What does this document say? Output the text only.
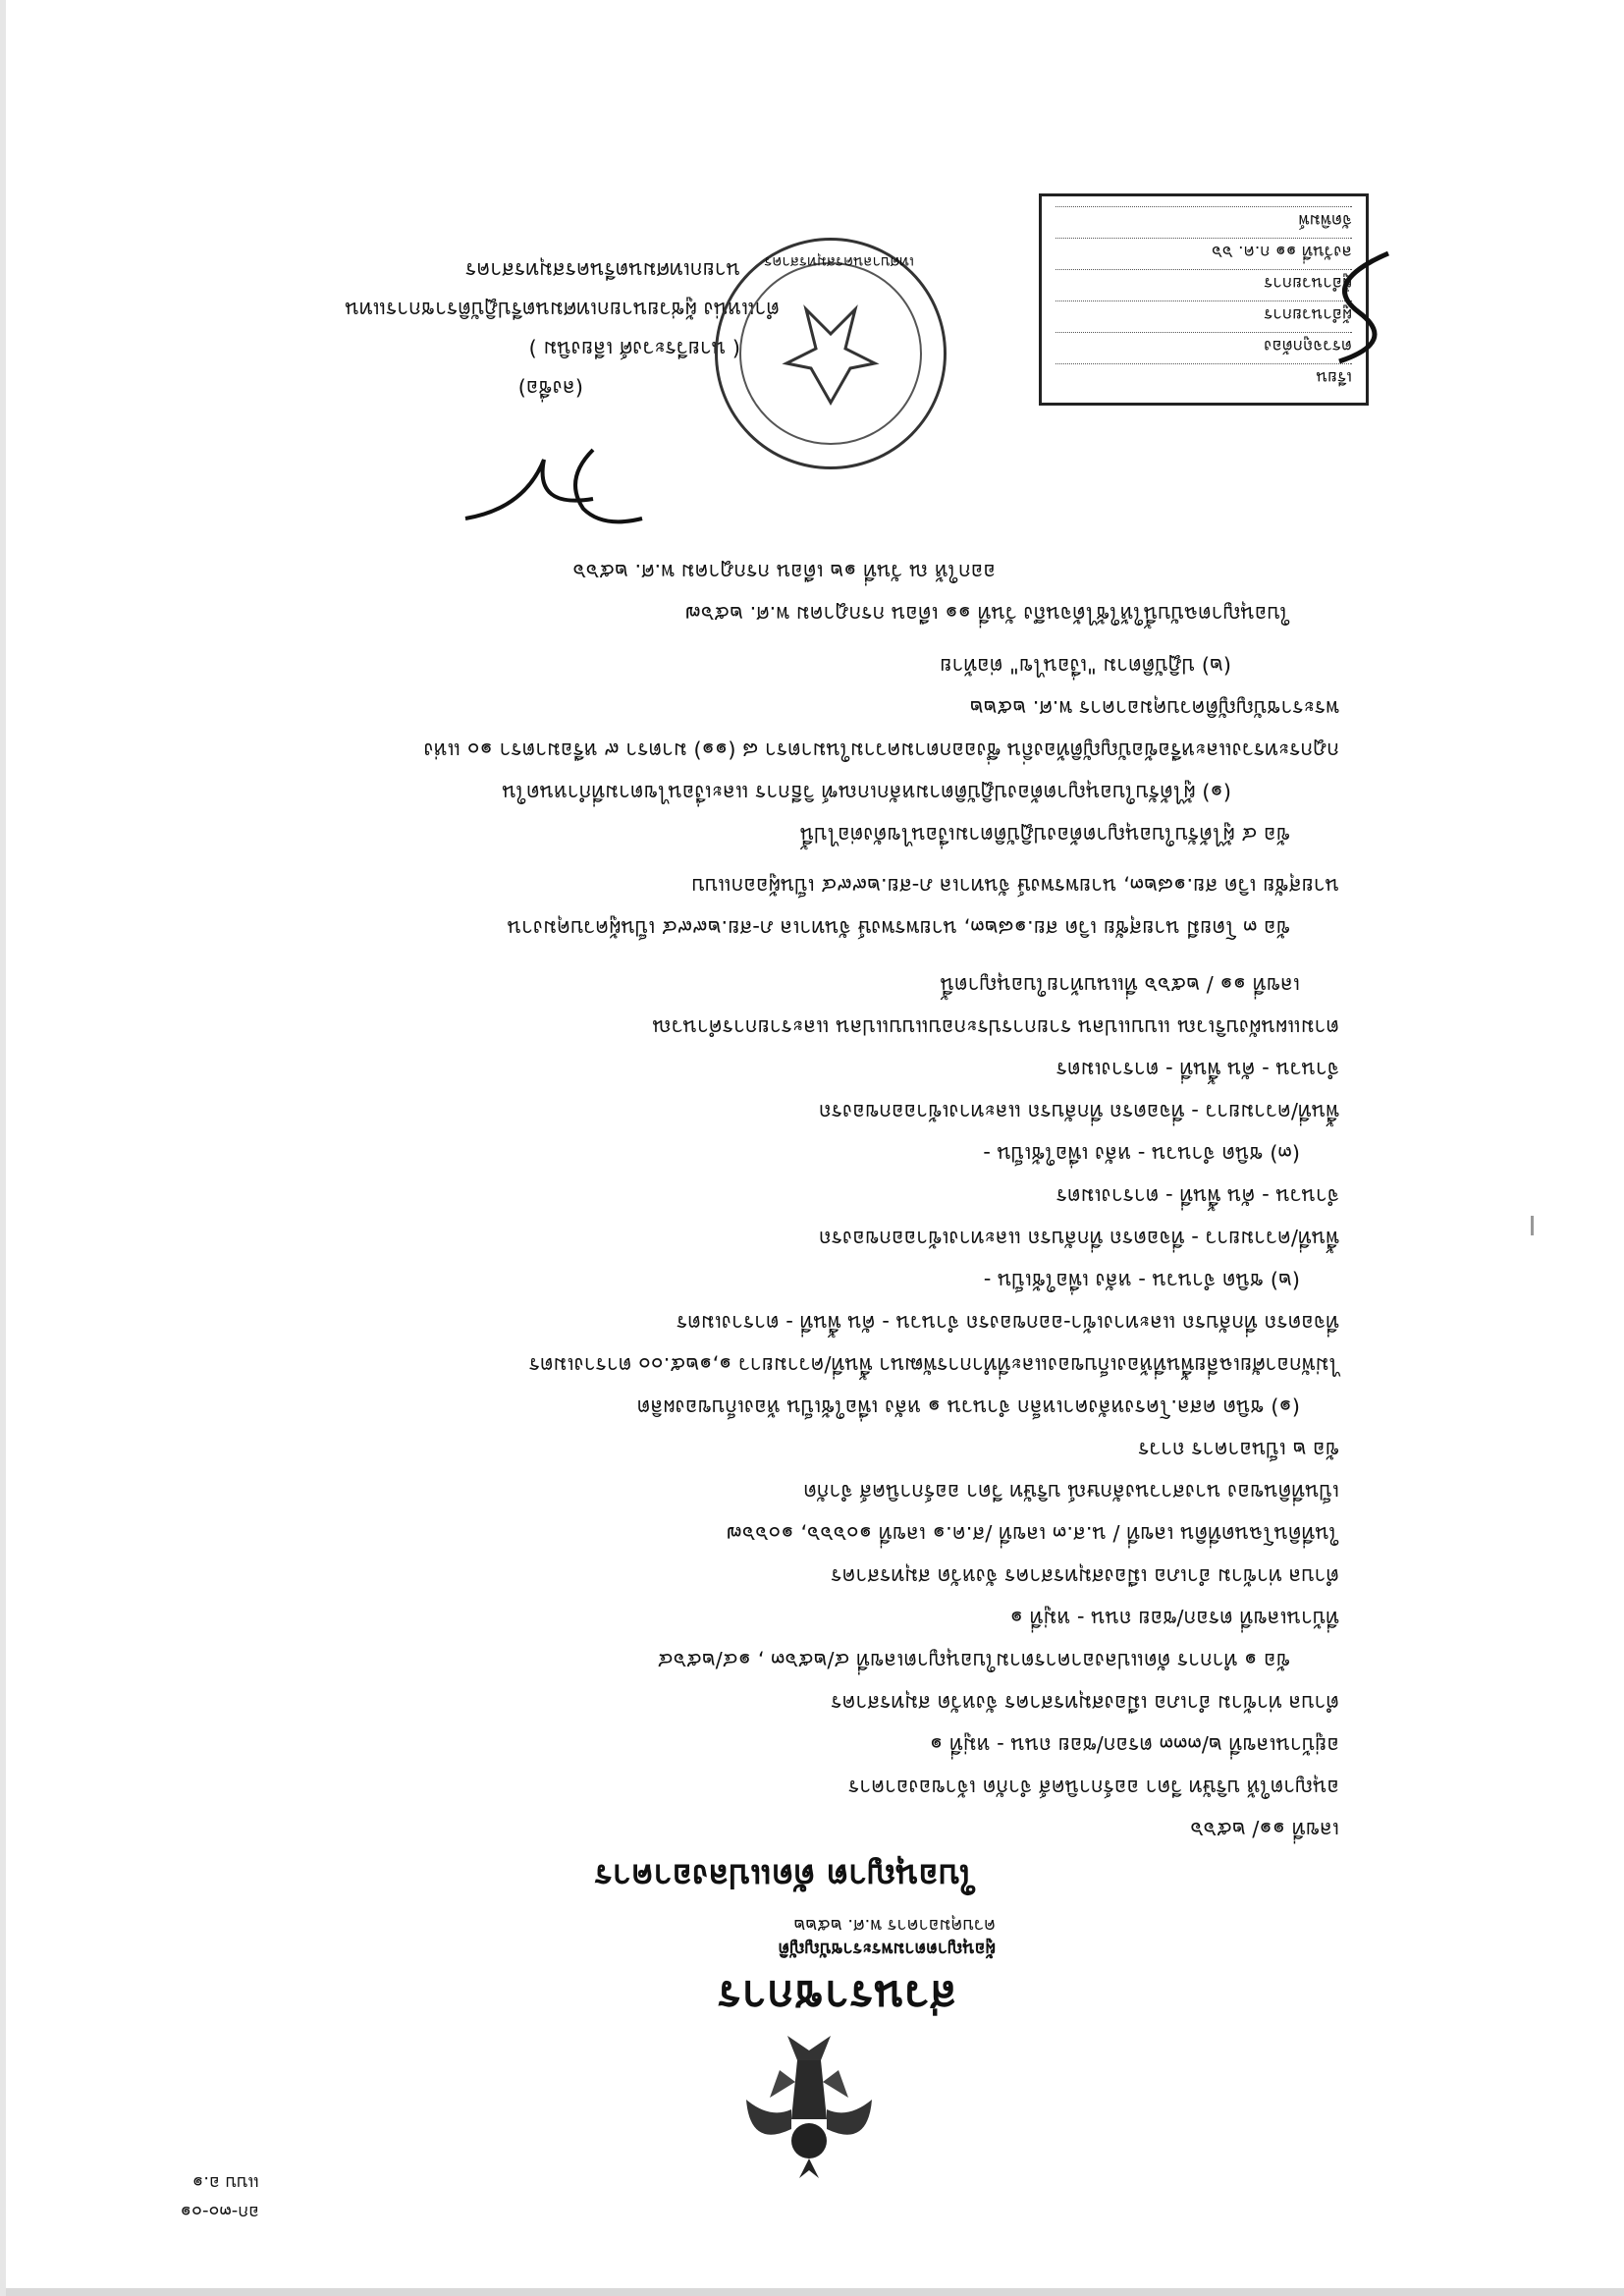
อก-๓๐-๐๑
แบบ อ.๑
ส่วนราชการ
ผู้อนุญาตตามพระราชบัญญัติ
ควบคุมอาคาร พ.ศ. ๒๕๒๒
ใบอนุญาต ดัดแปลงอาคาร
เลขที่ ๑๑/ ๒๕๖๖
อนุญาตให้ บริษัท วีดา ออร์กานิคส์ จำกัด เจ้าของอาคาร
อยู่บ้านเลขที่ ๒/๓๓๓ ตรอก/ซอย ถนน - หมู่ที่ ๑
ตำบล ท่าข้าม อำเภอ เมืองสมุทรสาคร จังหวัด สมุทรสาคร
ข้อ ๑ ทำการ ดัดแปลงอาคารตามใบอนุญาตเลขที่ ๔/๒๕๖๓ , ๑๔/๒๕๖๔
ที่บ้านเลขที่ ตรอก/ซอย ถนน - หมู่ที่ ๑
ตำบล ท่าข้าม อำเภอ เมืองสมุทรสาคร จังหวัด สมุทรสาคร
ในที่ดินโฉนดที่ดิน เลขที่ / น.ส.๓ เลขที่ /ส.ค.๑ เลขที่ ๑๐๖๖๖, ๑๐๖๖๗
เป็นที่ดินของ นางสาวนงลักษณ์ บริษัท วีดา ออร์กานิคส์ จำกัด
ข้อ ๒ เป็นอาคาร ถาวร
(๑) ชนิด คสล.โครงหลังคาเหล็ก จำนวน ๑ หลัง เพื่อใช้เป็น ห้องเก็บของผลิต
ไม่พักอาศัยเฉลี่ยพื้นที่ห้องเก็บของและที่ทำการพัฒนา พื้นที่/ความยาว ๑,๑๒๕.๐๐ ตารางเมตร
ที่จอดรถ ที่กลับรถ และทางเข้า-ออกของรถ จำนวน - คัน พื้นที่ - ตารางเมตร
(๒) ชนิด จำนวน - หลัง เพื่อใช้เป็น -
พื้นที่/ความยาว - ที่จอดรถ ที่กลับรถ และทางเข้าออกของรถ
จำนวน - คัน พื้นที่ - ตารางเมตร
(๓) ชนิด จำนวน - หลัง เพื่อใช้เป็น -
พื้นที่/ความยาว - ที่จอดรถ ที่กลับรถ และทางเข้าออกของรถ
จำนวน - คัน พื้นที่ - ตารางเมตร
ตามแผนผังบริเวณ แบบแปลน รายการประกอบแบบแปลน และรายการคำนวณ
เลขที่ ๑๑ / ๒๕๖๖ ที่แนบท้ายใบอนุญาตนี้
ข้อ ๓ โดยมี นายสุชัย เวิด สย.๑๘๒๓, นายพรพงษ์ จันทาเล ภ-สย.๒๙๙๔ เป็นผู้ควบคุมงาน
นายสุชัย เวิด สย.๑๘๒๓, นายพรพงษ์ จันทาเล ภ-สย.๒๙๙๔ เป็นผู้ออกแบบ
ข้อ ๔ ผู้ได้รับใบอนุญาตต้องปฏิบัติตามเงื่อนไขดังต่อไปนี้
(๑) ผู้ได้รับใบอนุญาตต้องปฏิบัติตามหลักเกณฑ์ วิธีการ และเงื่อนไขตามที่กำหนดใน
กฎกระทรวงและหรือข้อบัญญัติท้องถิ่น ซึ่งออกตามความในมาตรา ๘ (๑๑) มาตรา ๙ หรือมาตรา ๑๐ แห่ง
พระราชบัญญัติควบคุมอาคาร พ.ศ. ๒๕๒๒
(๒) ปฏิบัติตาม "เงื่อนไข" ต่อท้าย
ใบอนุญาตฉบับนี้ให้ใช้ได้จนถึง วันที่ ๑๑ เดือน กรกฎาคม พ.ศ. ๒๕๖๗
ออกให้ ณ วันที่ ๑๒ เดือน กรกฎาคม พ.ศ. ๒๕๖๖
(ลงชื่อ)
( นายวีระวงศ์ เลียงนิม )
ตำแหน่ง ผู้ช่วยนายกเทศมนตรีปฏิบัติราชการแทน
นายกเทศมนตรีนครสมุทรสาคร เทศบาลนครสมุทรสาคร
เรียน
ตรวจถูกต้อง
ผู้อำนวยการ
ผู้อำนวยการ
ลงวันที่ ๑๑ ก.ค. ๖๖
จัดพิมพ์
